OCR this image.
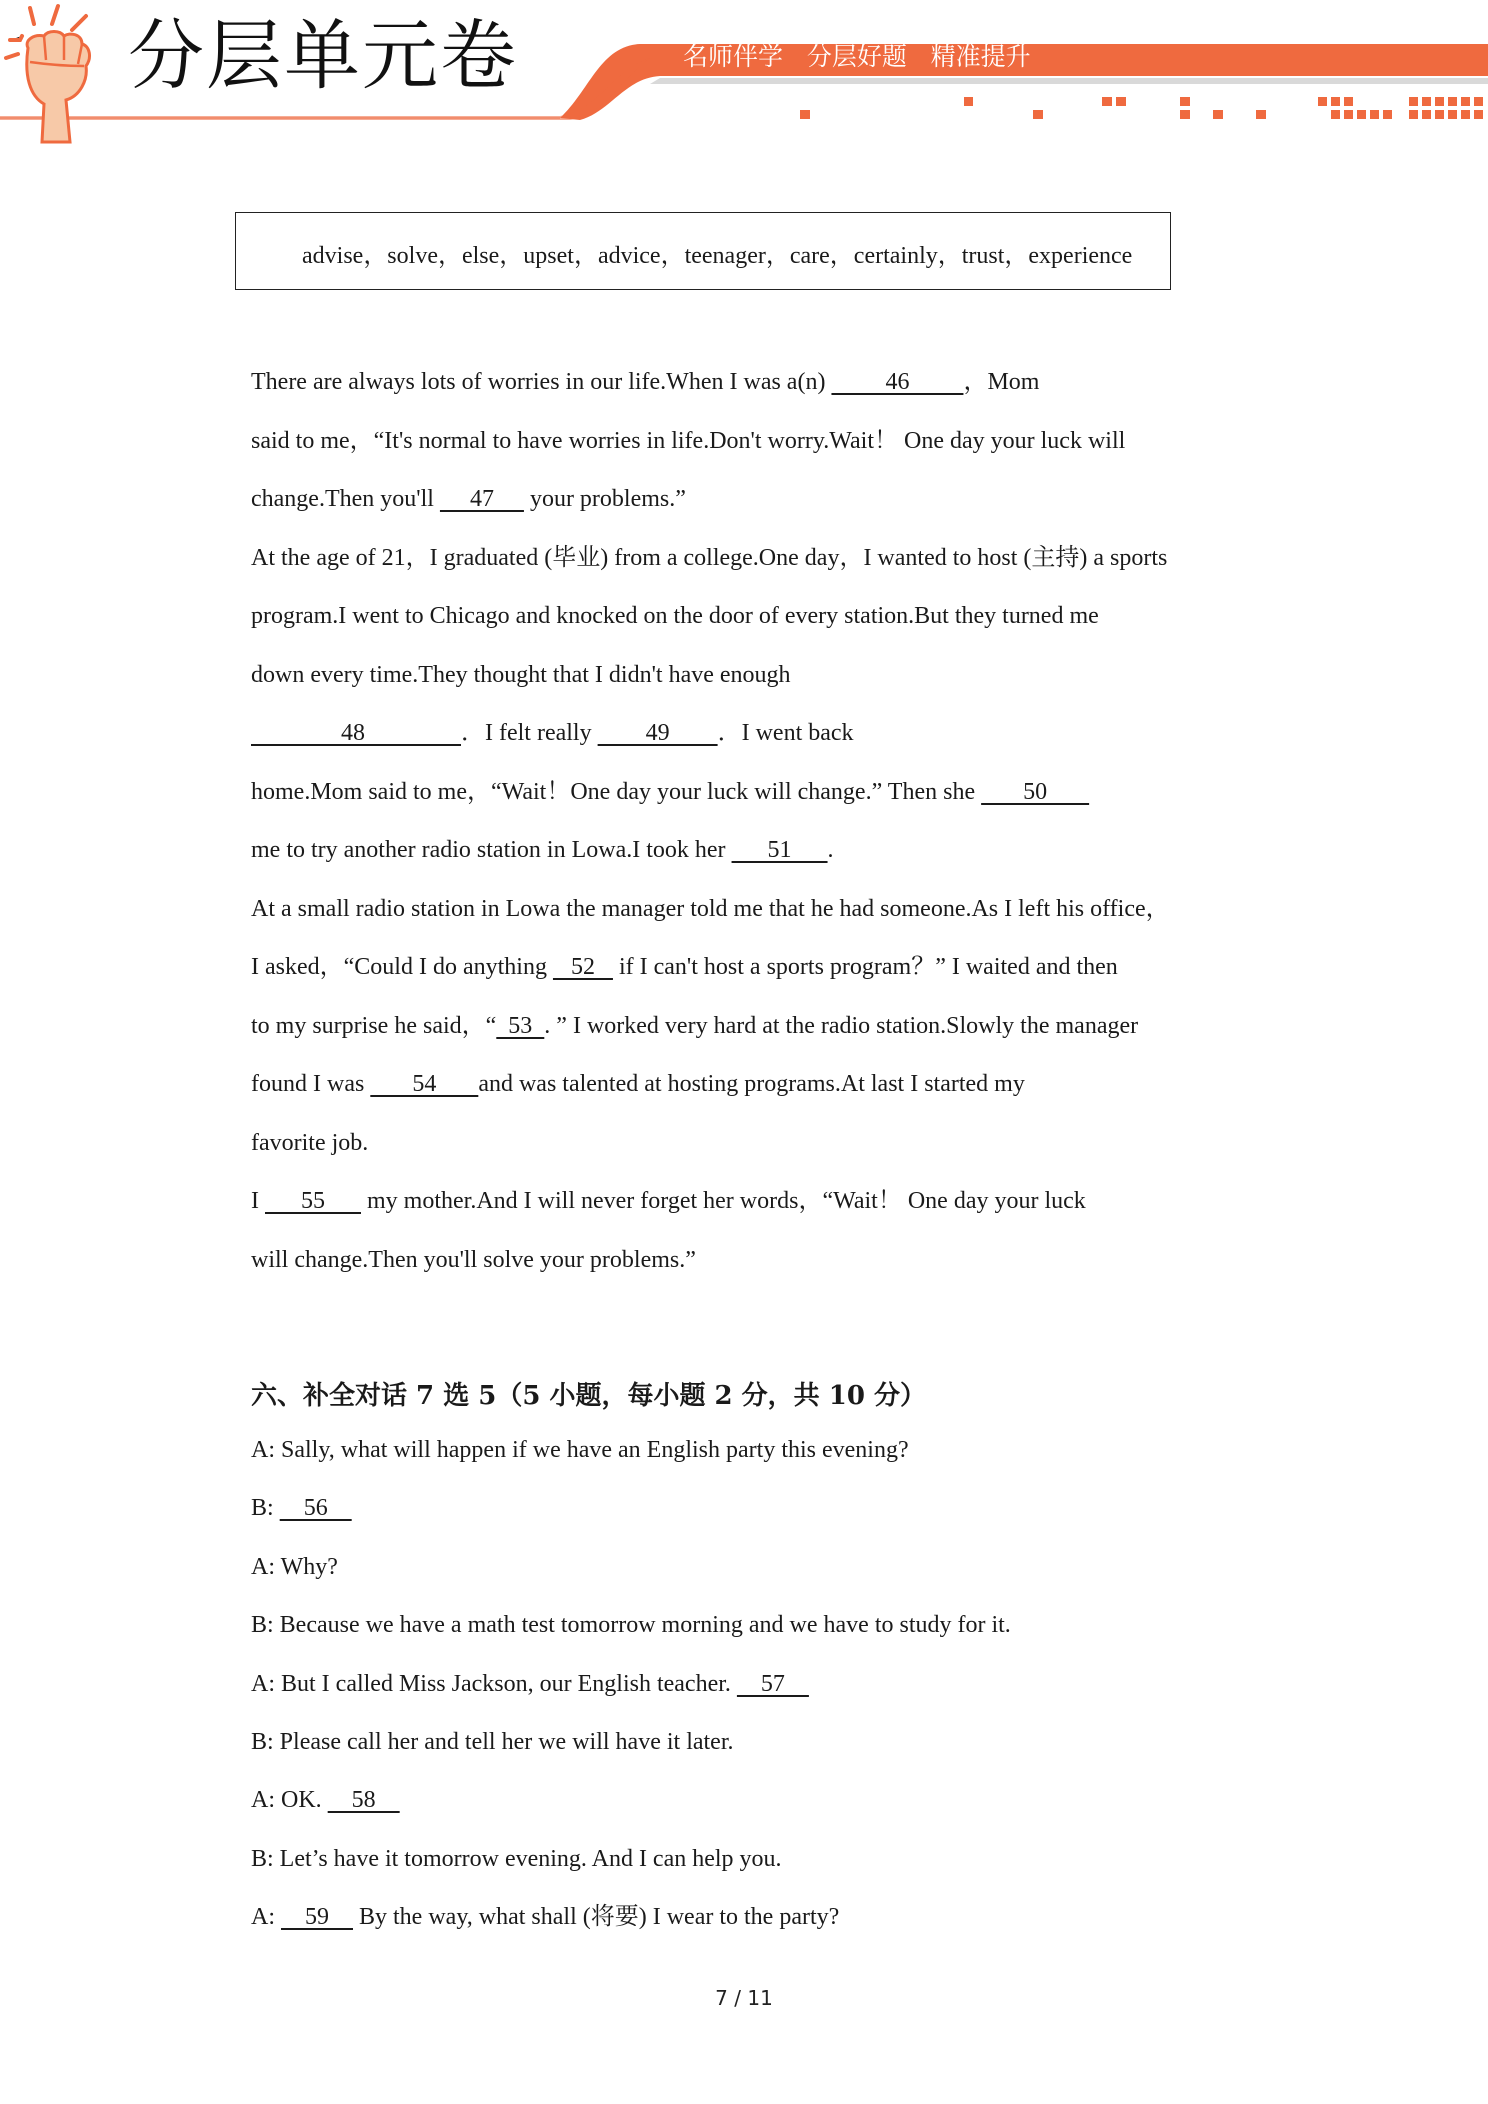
分层单元卷	名师伴学   分层好题   精准提升
advise，solve，else，upset，advice，teenager，care，certainly，trust，experience
There are always lots of worries in our life.When I was a(n)          46         ，Mom
said to me，“It's normal to have worries in life.Don't worry.Wait！ One day your luck will
change.Then you'll      47      your problems.”
At the age of 21，I graduated (毕业) from a college.One day，I wanted to host (主持) a sports
program.I went to Chicago and knocked on the door of every station.But they turned me
down every time.They thought that I didn't have enough
48                ．I felt really         49        ．I went back
home.Mom said to me，“Wait！One day your luck will change.” Then she        50
me to try another radio station in Lowa.I took her       51      .
At a small radio station in Lowa the manager told me that he had someone.As I left his office，
I asked，“Could I do anything    52    if I can't host a sports program？” I waited and then
to my surprise he said，“  53  . ” I worked very hard at the radio station.Slowly the manager
found I was        54       and was talented at hosting programs.At last I started my
favorite job.
I       55       my mother.And I will never forget her words，“Wait！ One day your luck
will change.Then you'll solve your problems.”
六、补全对话 7 选 5（5 小题，每小题 2 分，共 10 分）
A: Sally, what will happen if we have an English party this evening?
B:     56
A: Why?
B: Because we have a math test tomorrow morning and we have to study for it.
A: But I called Miss Jackson, our English teacher.     57
B: Please call her and tell her we will have it later.
A: OK.     58
B: Let’s have it tomorrow evening. And I can help you.
A:     59     By the way, what shall (将要) I wear to the party?
7 / 11
